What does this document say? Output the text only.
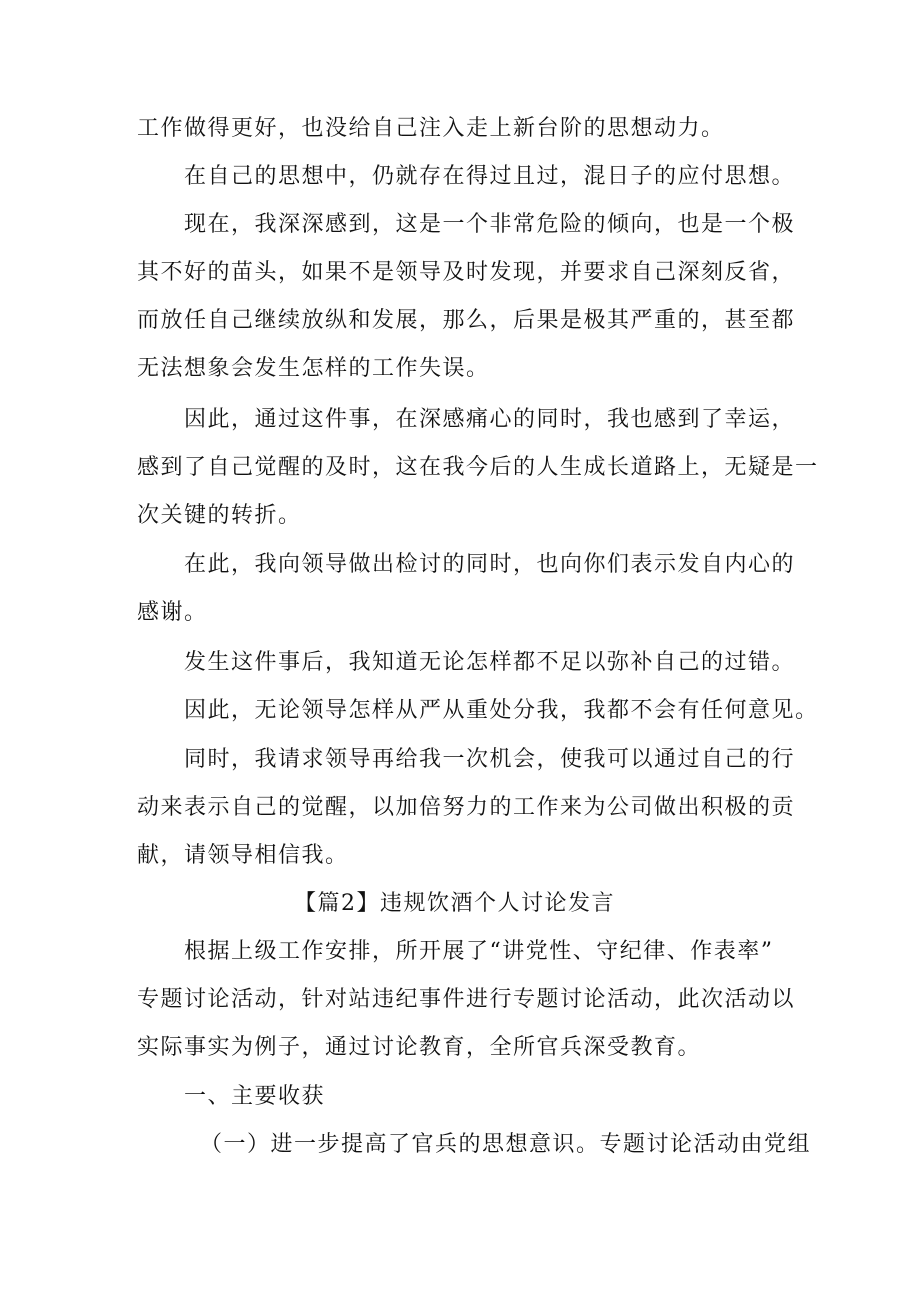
工作做得更好，也没给自己注入走上新台阶的思想动力。
在自己的思想中，仍就存在得过且过，混日子的应付思想。
现在，我深深感到，这是一个非常危险的倾向，也是一个极
其不好的苗头，如果不是领导及时发现，并要求自己深刻反省，
而放任自己继续放纵和发展，那么，后果是极其严重的，甚至都
无法想象会发生怎样的工作失误。
因此，通过这件事，在深感痛心的同时，我也感到了幸运，
感到了自己觉醒的及时，这在我今后的人生成长道路上，无疑是一
次关键的转折。
在此，我向领导做出检讨的同时，也向你们表示发自内心的
感谢。
发生这件事后，我知道无论怎样都不足以弥补自己的过错。
因此，无论领导怎样从严从重处分我，我都不会有任何意见。
同时，我请求领导再给我一次机会，使我可以通过自己的行
动来表示自己的觉醒，以加倍努力的工作来为公司做出积极的贡
献，请领导相信我。
【篇2】违规饮酒个人讨论发言
根据上级工作安排，所开展了“讲党性、守纪律、作表率”
专题讨论活动，针对站违纪事件进行专题讨论活动，此次活动以
实际事实为例子，通过讨论教育，全所官兵深受教育。
一、主要收获
（一）进一步提高了官兵的思想意识。专题讨论活动由党组
